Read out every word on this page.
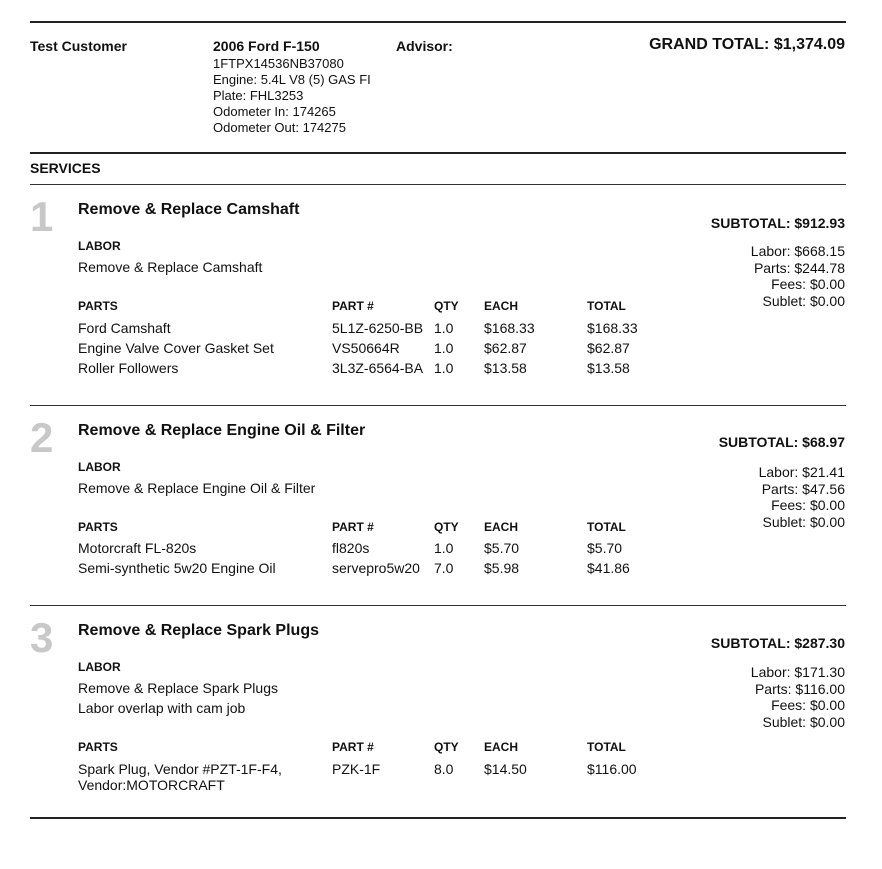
Test Customer	2006 Ford F-150
1FTPX14536NB37080
Engine: 5.4L V8 (5) GAS FI
Plate: FHL3253
Odometer In: 174265
Odometer Out: 174275
Advisor:	GRAND TOTAL: $1,374.09
SERVICES
1 Remove & Replace Camshaft
SUBTOTAL: $912.93
Labor: $668.15
Parts: $244.78
Fees: $0.00
Sublet: $0.00
LABOR
Remove & Replace Camshaft
PARTS	PART #	QTY EACH	TOTAL
Ford Camshaft	5L1Z-6250-BB 1.0 $168.33	$168.33
Engine Valve Cover Gasket Set	VS50664R 1.0 $62.87	$62.87
Roller Followers	3L3Z-6564-BA 1.0 $13.58	$13.58
2 Remove & Replace Engine Oil & Filter
SUBTOTAL: $68.97
Labor: $21.41
Parts: $47.56
Fees: $0.00
Sublet: $0.00
LABOR
Remove & Replace Engine Oil & Filter
PARTS	PART #	QTY EACH	TOTAL
Motorcraft FL-820s	fl820s	1.0 $5.70	$5.70
Semi-synthetic 5w20 Engine Oil	servepro5w20 7.0 $5.98	$41.86
3 Remove & Replace Spark Plugs
SUBTOTAL: $287.30
Labor: $171.30
Parts: $116.00
Fees: $0.00
Sublet: $0.00
LABOR
Remove & Replace Spark Plugs
Labor overlap with cam job
PARTS	PART #	QTY EACH	TOTAL
Spark Plug, Vendor #PZT-1F-F4,
Vendor:MOTORCRAFT
PZK-1F	8.0 $14.50	$116.00
